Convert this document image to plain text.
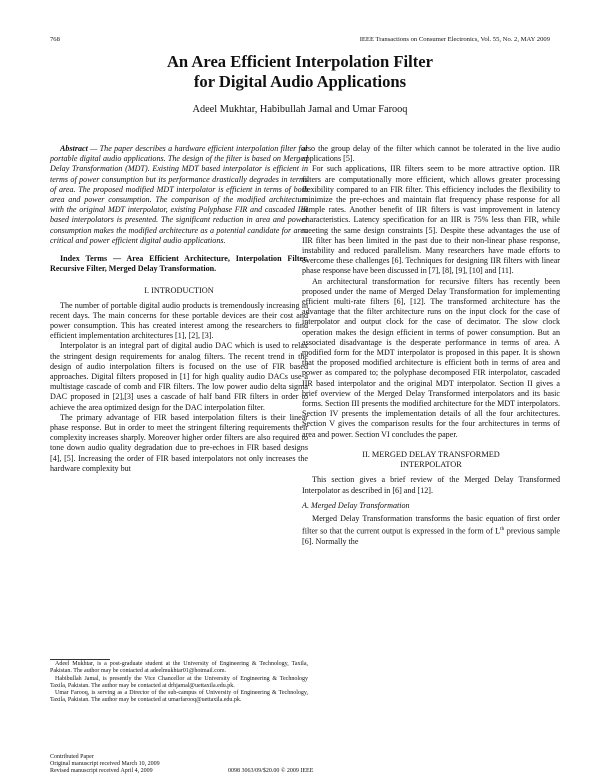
768	IEEE Transactions on Consumer Electronics, Vol. 55, No. 2, MAY 2009
An Area Efficient Interpolation Filter
for Digital Audio Applications
Adeel Mukhtar, Habibullah Jamal and Umar Farooq

Abstract — The paper describes a hardware efficient interpolation filter for portable digital audio applications. The design of the filter is based on Merged Delay Transformation (MDT). Existing MDT based interpolator is efficient in terms of power consumption but its performance drastically degrades in terms of area. The proposed modified MDT interpolator is efficient in terms of both area and power consumption. The comparison of the modified architecture with the original MDT interpolator, existing Polyphase FIR and cascaded IIR based interpolators is presented. The significant reduction in area and power consumption makes the modified architecture as a potential candidate for area critical and power efficient digital audio applications.

Index Terms — Area Efficient Architecture, Interpolation Filter, Recursive Filter, Merged Delay Transformation.

I. INTRODUCTION

The number of portable digital audio products is tremendously increasing in recent days. The main concerns for these portable devices are their cost and power consumption. This has created interest among the researchers to find efficient implementation architectures [1], [2], [3].

Interpolator is an integral part of digital audio DAC which is used to relax the stringent design requirements for analog filters. The recent trend in the design of audio interpolation filters is focused on the use of FIR based approaches. Digital filters proposed in [1] for high quality audio DACs use a multistage cascade of comb and FIR filters. The low power audio delta sigma DAC proposed in [2],[3] uses a cascade of half band FIR filters in order to achieve the area optimized design for the DAC interpolation filter.

The primary advantage of FIR based interpolation filters is their linear phase response. But in order to meet the stringent filtering requirements their complexity increases sharply. Moreover higher order filters are also required to tone down audio quality degradation due to pre-echoes in FIR based designs [4], [5]. Increasing the order of FIR based interpolators not only increases the hardware complexity but

Adeel Mukhtar, is a post-graduate student at the University of Engineering & Technology, Taxila, Pakistan. The author may be contacted at adeelmukhtar01@hotmail.com.

Habibullah Jamal, is presently the Vice Chancellor at the University of Engineering & Technology Taxila, Pakistan. The author may be contacted at drhjamal@uettaxila.edu.pk.

Umar Farooq, is serving as a Director of the sub-campus of University of Engineering & Technology, Taxila, Pakistan. The author may be contacted at umarfarooq@uettaxila.edu.pk.

also the group delay of the filter which cannot be tolerated in the live audio applications [5].

For such applications, IIR filters seem to be more attractive option. IIR filters are computationally more efficient, which allows greater processing flexibility compared to an FIR filter. This efficiency includes the flexibility to minimize the pre-echoes and maintain flat frequency phase response for all sample rates. Another benefit of IIR filters is vast improvement in latency characteristics. Latency specification for an IIR is 75% less than FIR, while meeting the same design constraints [5]. Despite these advantages the use of IIR filter has been limited in the past due to their non-linear phase response, instability and reduced parallelism. Many researchers have made efforts to overcome these challenges [6]. Techniques for designing IIR filters with linear phase response have been discussed in [7], [8], [9], [10] and [11].

An architectural transformation for recursive filters has recently been proposed under the name of Merged Delay Transformation for implementing efficient multi-rate filters [6], [12]. The transformed architecture has the advantage that the filter architecture runs on the input clock for the case of interpolator and output clock for the case of decimator. The slow clock operation makes the design efficient in terms of power consumption. But an associated disadvantage is the desperate performance in terms of area. A modified form for the MDT interpolator is proposed in this paper. It is shown that the proposed modified architecture is efficient both in terms of area and power as compared to; the polyphase decomposed FIR interpolator, cascaded IIR based interpolator and the original MDT interpolator. Section II gives a brief overview of the Merged Delay Transformed interpolators and its basic forms. Section III presents the modified architecture for the MDT interpolators. Section IV presents the implementation details of all the four architectures. Section V gives the comparison results for the four architectures in terms of area and power. Section VI concludes the paper.

II. MERGED DELAY TRANSFORMED

INTERPOLATOR

This section gives a brief review of the Merged Delay Transformed Interpolator as described in [6] and [12].

A. Merged Delay Transformation

Merged Delay Transformation transforms the basic equation of first order filter so that the current output is expressed in the form of Lth previous sample [6]. Normally the

Contributed Paper
Original manuscript received March 10, 2009
Revised manuscript received April 4, 2009	0098 3063/09/$20.00 © 2009 IEEE
